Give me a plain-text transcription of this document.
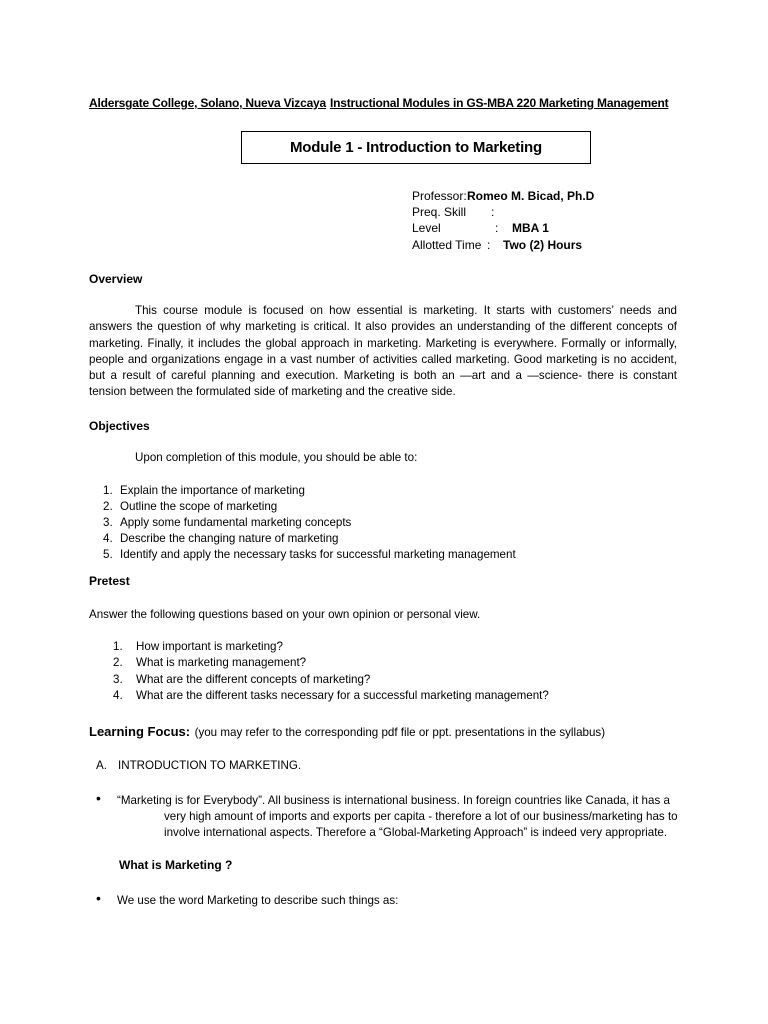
Aldersgate College, Solano, Nueva Vizcaya Instructional Modules in GS-MBA 220 Marketing Management
Module 1 - Introduction to Marketing
Professor: Romeo M. Bicad, Ph.D
Preq. Skill :
Level	: MBA 1
Allotted Time : Two (2) Hours
Overview
This course module is focused on how essential is marketing. It starts with customers’ needs and answers the question of why marketing is critical. It also provides an understanding of the different concepts of marketing. Finally, it includes the global approach in marketing. Marketing is everywhere. Formally or informally, people and organizations engage in a vast number of activities called marketing. Good marketing is no accident, but a result of careful planning and execution. Marketing is both an ―art and a ―science- there is constant tension between the formulated side of marketing and the creative side.
Objectives
Upon completion of this module, you should be able to:
1. Explain the importance of marketing
2. Outline the scope of marketing
3. Apply some fundamental marketing concepts
4. Describe the changing nature of marketing
5. Identify and apply the necessary tasks for successful marketing management
Pretest
Answer the following questions based on your own opinion or personal view.
1. How important is marketing?
2. What is marketing management?
3. What are the different concepts of marketing?
4. What are the different tasks necessary for a successful marketing management?
Learning Focus: (you may refer to the corresponding pdf file or ppt. presentations in the syllabus)
A. INTRODUCTION TO MARKETING.
• “Marketing is for Everybody”. All business is international business. In foreign countries like Canada, it has a
very high amount of imports and exports per capita - therefore a lot of our business/marketing has to
involve international aspects. Therefore a “Global-Marketing Approach” is indeed very appropriate.
What is Marketing ?
• We use the word Marketing to describe such things as:
